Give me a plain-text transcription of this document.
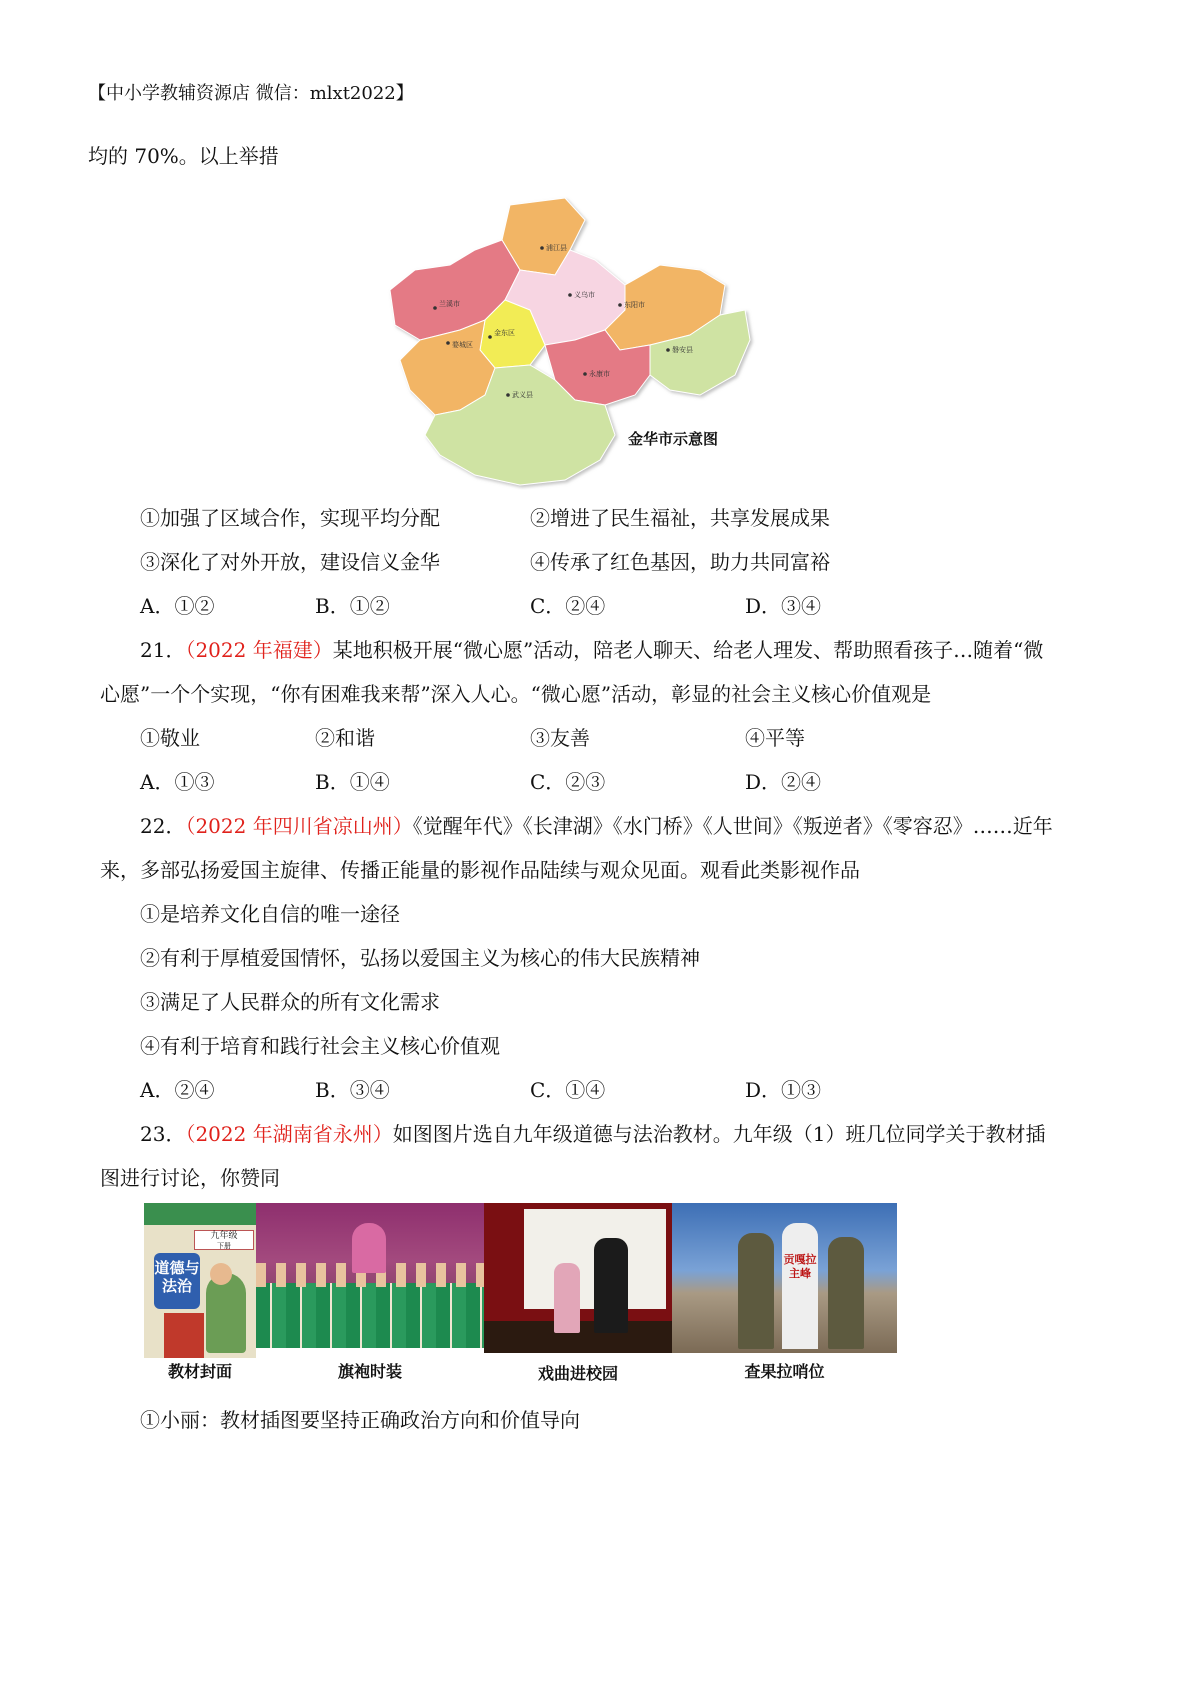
【中小学教辅资源店 微信：mlxt2022】
均的 70%。以上举措
浦江县
兰溪市
义乌市
金东区
婺城区
东阳市
磐安县
永康市
武义县
金华市示意图
①加强了区域合作，实现平均分配	②增进了民生福祉，共享发展成果
③深化了对外开放，建设信义金华	④传承了红色基因，助力共同富裕
A．①②	B．①②	C．②④	D．③④
21．（2022 年福建）某地积极开展“微心愿”活动，陪老人聊天、给老人理发、帮助照看孩子…随着“微
心愿”一个个实现，“你有困难我来帮”深入人心。“微心愿”活动，彰显的社会主义核心价值观是
①敬业	②和谐	③友善	④平等
A．①③	B．①④	C．②③	D．②④
22．（2022 年四川省凉山州）《觉醒年代》《长津湖》《水门桥》《人世间》《叛逆者》《零容忍》……近年
来，多部弘扬爱国主旋律、传播正能量的影视作品陆续与观众见面。观看此类影视作品
①是培养文化自信的唯一途径
②有利于厚植爱国情怀，弘扬以爱国主义为核心的伟大民族精神
③满足了人民群众的所有文化需求
④有利于培育和践行社会主义核心价值观
A．②④	B．③④	C．①④	D．①③
23．（2022 年湖南省永州）如图图片选自九年级道德与法治教材。九年级（1）班几位同学关于教材插
图进行讨论，你赞同
九年级
下册
道德与法治
贡嘎拉主峰
教材封面	旗袍时装	戏曲进校园	查果拉哨位
①小丽：教材插图要坚持正确政治方向和价值导向
